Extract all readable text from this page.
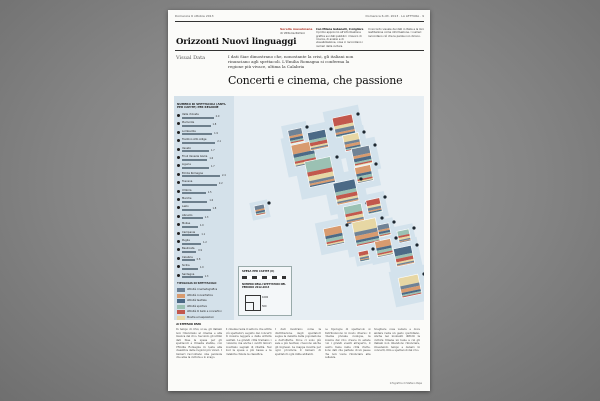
Domenica 6 ottobre 2013	Domenica 6 ott. 2013 · LA LETTURA · 9
Orizzonti Nuovi linguaggi
Sorella musulmana
di Vittoria Rimini
Con Milena Gabanelli, il migliore
Il primo approccio all'informazione grafica sui dati pubblici: il lavoro di ricerca, di analisi e di visualizzazione, cosa ci raccontano i numeri della cultura.
Il racconto visuale dei dati in Italia e la loro restituzione come informazione. I numeri raccontano ciò che le parole non dicono.
Visual Data	I dati Siae dimostrano che, nonostante la crisi, gli italiani non rinunciano agli spettacoli. L'Emilia Romagna si conferma la regione più vivace, ultima la Calabria
Concerti e cinema, che passione
NUMERO DI SPETTACOLI (ANTI-PER CAPITE) PER REGIONE
Valle d'Aosta
2.0
Piemonte
1.8
Lombardia
1.9
Trentino Alto Adige
2.1
Veneto
1.7
Friuli Venezia Giulia
1.6
Liguria
1.7
Emilia Romagna
2.4
Toscana
2.2
Umbria
1.5
Marche
1.6
Lazio
1.8
Abruzzo
1.3
Molise
1.0
Campania
1.1
Puglia
1.2
Basilicata
0.9
Calabria
0.8
Sicilia
1.0
Sardegna
1.3
TIPOLOGIA DI SPETTACOLO
Attività cinematografica
Attività concertistica
Attività teatrale
Attività sportive
Attività di ballo e concertini
Mostre ed esposizioni
SPESA PER CAPITE (€)
NUMERO DEGLI SPETTATORI NEL PERIODO 2012-2013
1000
500
di STEFANO PAPA
In tempo di crisi, si sa, gli italiani non rinunciano al cinema e alla musica dal vivo. Secondo gli ultimi dati Siae la spesa per gli spettacoli è rimasta stabile, con l'Emilia Romagna in testa alla classifica delle regioni più vivaci. I numeri raccontano una penisola che ama la cultura e lo svago.
Il cinema resta il settore che attira più spettatori, seguito dai concerti di musica leggera e dalle attività teatrali. Le grandi città trainano i consumi, ma anche i centri minori mostrano segnali di vitalità. Nel Sud la spesa è più bassa e la Calabria chiude la classifica.
I dati mostrano come la distribuzione degli spettatori segua la densità della popolazione e dell'offerta. Dove ci sono più sale e più festival, crescono anche gli ingressi. La mappa mostra per ogni provincia il numero di spettatori ogni mille abitanti.
Le tipologie di spettacolo si distribuiscono in modo diverso: il cinema prevale ovunque, la musica dal vivo cresce in estate con i grandi eventi all'aperto, il teatro tiene nelle città d'arte. Sono dati che parlano di un paese che non vuole rinunciare alla bellezza.
Scegliere cosa vedere e dove andare resta un gesto quotidiano. Anche nei momenti difficili la cultura rimane un bene a cui gli italiani non intendono rinunciare, investendo tempo e denaro in concerti, film e spettacoli dal vivo.
Infografica di Stefano Papa
